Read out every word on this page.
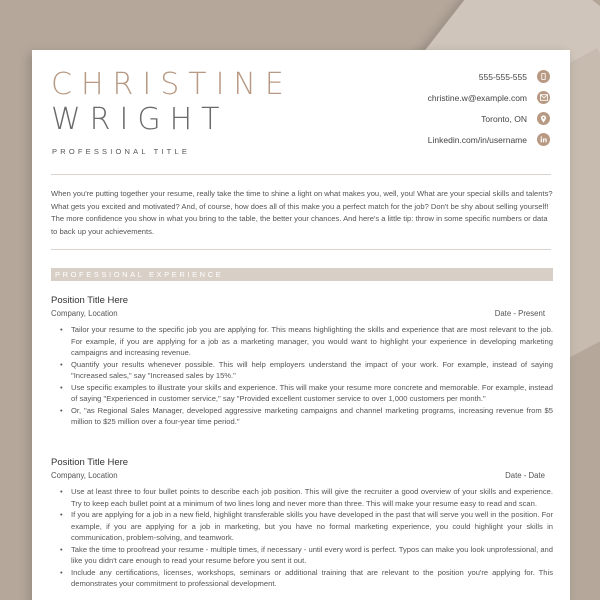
CHRISTINE
WRIGHT
PROFESSIONAL TITLE
555-555-555
christine.w@example.com
Toronto, ON
Linkedin.com/in/username
When you're putting together your resume, really take the time to shine a light on what makes you, well, you! What are your special skills and talents? What gets you excited and motivated? And, of course, how does all of this make you a perfect match for the job? Don't be shy about selling yourself! The more confidence you show in what you bring to the table, the better your chances. And here's a little tip: throw in some specific numbers or data to back up your achievements.
PROFESSIONAL EXPERIENCE
Position Title Here
Company, Location	Date - Present
• Tailor your resume to the specific job you are applying for. This means highlighting the skills and experience that are most relevant to the job. For example, if you are applying for a job as a marketing manager, you would want to highlight your experience in developing marketing campaigns and increasing revenue.
• Quantify your results whenever possible. This will help employers understand the impact of your work. For example, instead of saying "Increased sales," say "Increased sales by 15%."
• Use specific examples to illustrate your skills and experience. This will make your resume more concrete and memorable. For example, instead of saying "Experienced in customer service," say "Provided excellent customer service to over 1,000 customers per month."
• Or, "as Regional Sales Manager, developed aggressive marketing campaigns and channel marketing programs, increasing revenue from $5 million to $25 million over a four-year time period."
Position Title Here
Company, Location	Date - Date
• Use at least three to four bullet points to describe each job position. This will give the recruiter a good overview of your skills and experience. Try to keep each bullet point at a minimum of two lines long and never more than three. This will make your resume easy to read and scan.
• If you are applying for a job in a new field, highlight transferable skills you have developed in the past that will serve you well in the position. For example, if you are applying for a job in marketing, but you have no formal marketing experience, you could highlight your skills in communication, problem-solving, and teamwork.
• Take the time to proofread your resume - multiple times, if necessary - until every word is perfect. Typos can make you look unprofessional, and like you didn't care enough to read your resume before you sent it out.
• Include any certifications, licenses, workshops, seminars or additional training that are relevant to the position you're applying for. This demonstrates your commitment to professional development.
